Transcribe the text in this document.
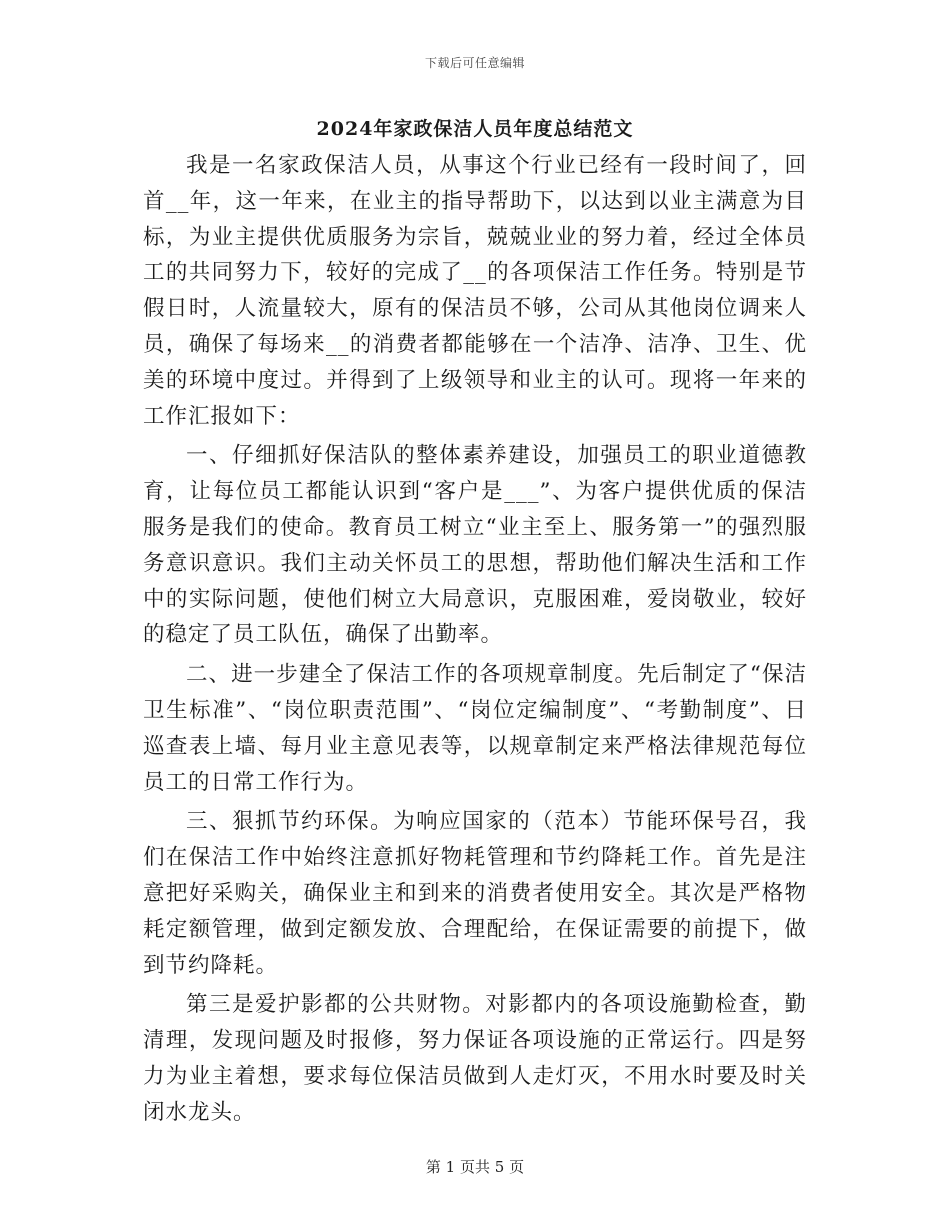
下载后可任意编辑
2024年家政保洁人员年度总结范文

我是一名家政保洁人员，从事这个行业已经有一段时间了，回首__年，这一年来，在业主的指导帮助下，以达到以业主满意为目标，为业主提供优质服务为宗旨，兢兢业业的努力着，经过全体员工的共同努力下，较好的完成了__的各项保洁工作任务。特别是节假日时，人流量较大，原有的保洁员不够，公司从其他岗位调来人员，确保了每场来__的消费者都能够在一个洁净、洁净、卫生、优美的环境中度过。并得到了上级领导和业主的认可。现将一年来的工作汇报如下：

一、仔细抓好保洁队的整体素养建设，加强员工的职业道德教育，让每位员工都能认识到“客户是___”、为客户提供优质的保洁服务是我们的使命。教育员工树立“业主至上、服务第一”的强烈服务意识意识。我们主动关怀员工的思想，帮助他们解决生活和工作中的实际问题，使他们树立大局意识，克服困难，爱岗敬业，较好的稳定了员工队伍，确保了出勤率。

二、进一步建全了保洁工作的各项规章制度。先后制定了“保洁卫生标准”、“岗位职责范围”、“岗位定编制度”、“考勤制度”、日巡查表上墙、每月业主意见表等，以规章制定来严格法律规范每位员工的日常工作行为。

三、狠抓节约环保。为响应国家的（范本）节能环保号召，我们在保洁工作中始终注意抓好物耗管理和节约降耗工作。首先是注意把好采购关，确保业主和到来的消费者使用安全。其次是严格物耗定额管理，做到定额发放、合理配给，在保证需要的前提下，做到节约降耗。

第三是爱护影都的公共财物。对影都内的各项设施勤检查，勤清理，发现问题及时报修，努力保证各项设施的正常运行。四是努力为业主着想，要求每位保洁员做到人走灯灭，不用水时要及时关闭水龙头。

第 1 页共 5 页
